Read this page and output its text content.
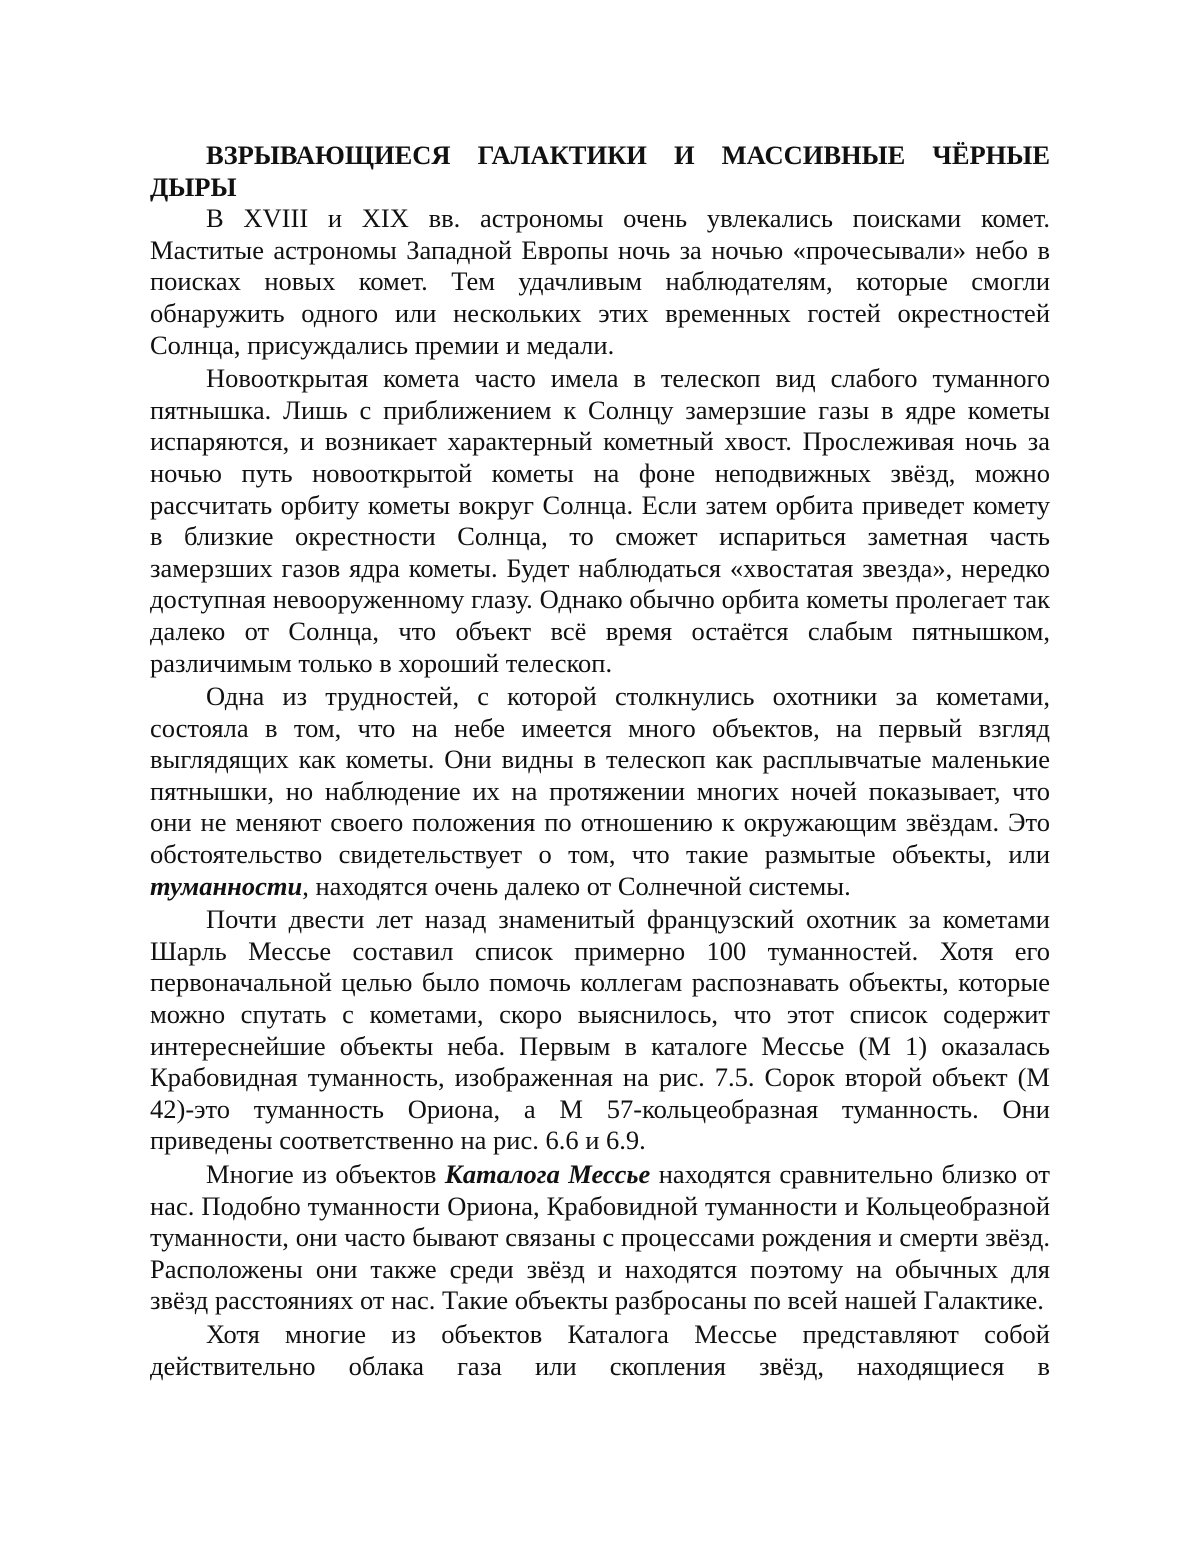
ВЗРЫВАЮЩИЕСЯ ГАЛАКТИКИ И МАССИВНЫЕ ЧЁРНЫЕ ДЫРЫ

В XVIII и XIX вв. астрономы очень увлекались поисками комет. Маститые астрономы Западной Европы ночь за ночью «прочесывали» небо в поисках новых комет. Тем удачливым наблюдателям, которые смогли обнаружить одного или нескольких этих временных гостей окрестностей Солнца, присуждались премии и медали.

Новооткрытая комета часто имела в телескоп вид слабого туманного пятнышка. Лишь с приближением к Солнцу замерзшие газы в ядре кометы испаряются, и возникает характерный кометный хвост. Прослеживая ночь за ночью путь новооткрытой кометы на фоне неподвижных звёзд, можно рассчитать орбиту кометы вокруг Солнца. Если затем орбита приведет комету в близкие окрестности Солнца, то сможет испариться заметная часть замерзших газов ядра кометы. Будет наблюдаться «хвостатая звезда», нередко доступная невооруженному глазу. Однако обычно орбита кометы пролегает так далеко от Солнца, что объект всё время остаётся слабым пятнышком, различимым только в хороший телескоп.

Одна из трудностей, с которой столкнулись охотники за кометами, состояла в том, что на небе имеется много объектов, на первый взгляд выглядящих как кометы. Они видны в телескоп как расплывчатые маленькие пятнышки, но наблюдение их на протяжении многих ночей показывает, что они не меняют своего положения по отношению к окружающим звёздам. Это обстоятельство свидетельствует о том, что такие размытые объекты, или туманности, находятся очень далеко от Солнечной системы.

Почти двести лет назад знаменитый французский охотник за кометами Шарль Мессье составил список примерно 100 туманностей. Хотя его первоначальной целью было помочь коллегам распознавать объекты, которые можно спутать с кометами, скоро выяснилось, что этот список содержит интереснейшие объекты неба. Первым в каталоге Мессье (М 1) оказалась Крабовидная туманность, изображенная на рис. 7.5. Сорок второй объект (М 42)-это туманность Ориона, а М 57-кольцеобразная туманность. Они приведены соответственно на рис. 6.6 и 6.9.

Многие из объектов Каталога Мессье находятся сравнительно близко от нас. Подобно туманности Ориона, Крабовидной туманности и Кольцеобразной туманности, они часто бывают связаны с процессами рождения и смерти звёзд. Расположены они также среди звёзд и находятся поэтому на обычных для звёзд расстояниях от нас. Такие объекты разбросаны по всей нашей Галактике.

Хотя многие из объектов Каталога Мессье представляют собой действительно облака газа или скопления звёзд, находящиеся в
